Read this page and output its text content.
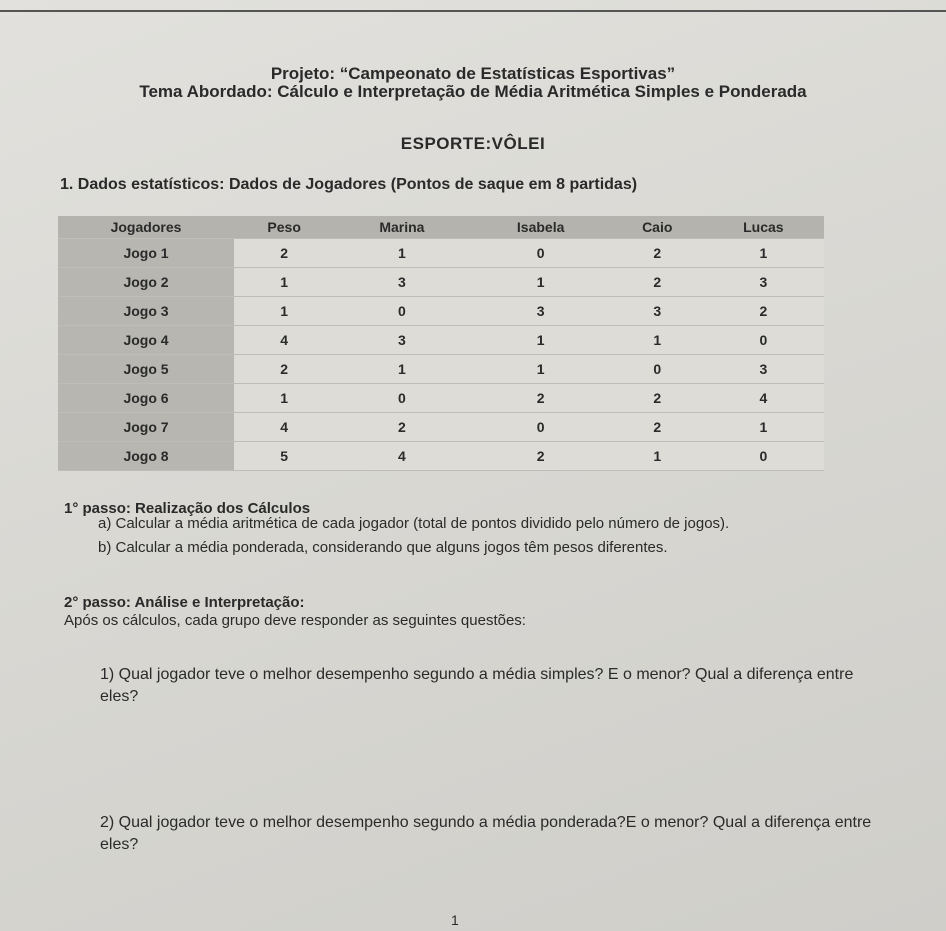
Projeto: “Campeonato de Estatísticas Esportivas”
Tema Abordado: Cálculo e Interpretação de Média Aritmética Simples e Ponderada
ESPORTE:VÔLEI
1. Dados estatísticos: Dados de Jogadores (Pontos de saque em 8 partidas)
Jogadores	Peso	Marina	Isabela	Caio	Lucas
Jogo 1	2	1	0	2	1
Jogo 2	1	3	1	2	3
Jogo 3	1	0	3	3	2
Jogo 4	4	3	1	1	0
Jogo 5	2	1	1	0	3
Jogo 6	1	0	2	2	4
Jogo 7	4	2	0	2	1
Jogo 8	5	4	2	1	0
1° passo: Realização dos Cálculos
a) Calcular a média aritmética de cada jogador (total de pontos dividido pelo número de jogos).
b) Calcular a média ponderada, considerando que alguns jogos têm pesos diferentes.
2° passo: Análise e Interpretação:
Após os cálculos, cada grupo deve responder as seguintes questões:
1) Qual jogador teve o melhor desempenho segundo a média simples? E o menor? Qual a diferença entre eles?
2) Qual jogador teve o melhor desempenho segundo a média ponderada?E o menor? Qual a diferença entre eles?
1
